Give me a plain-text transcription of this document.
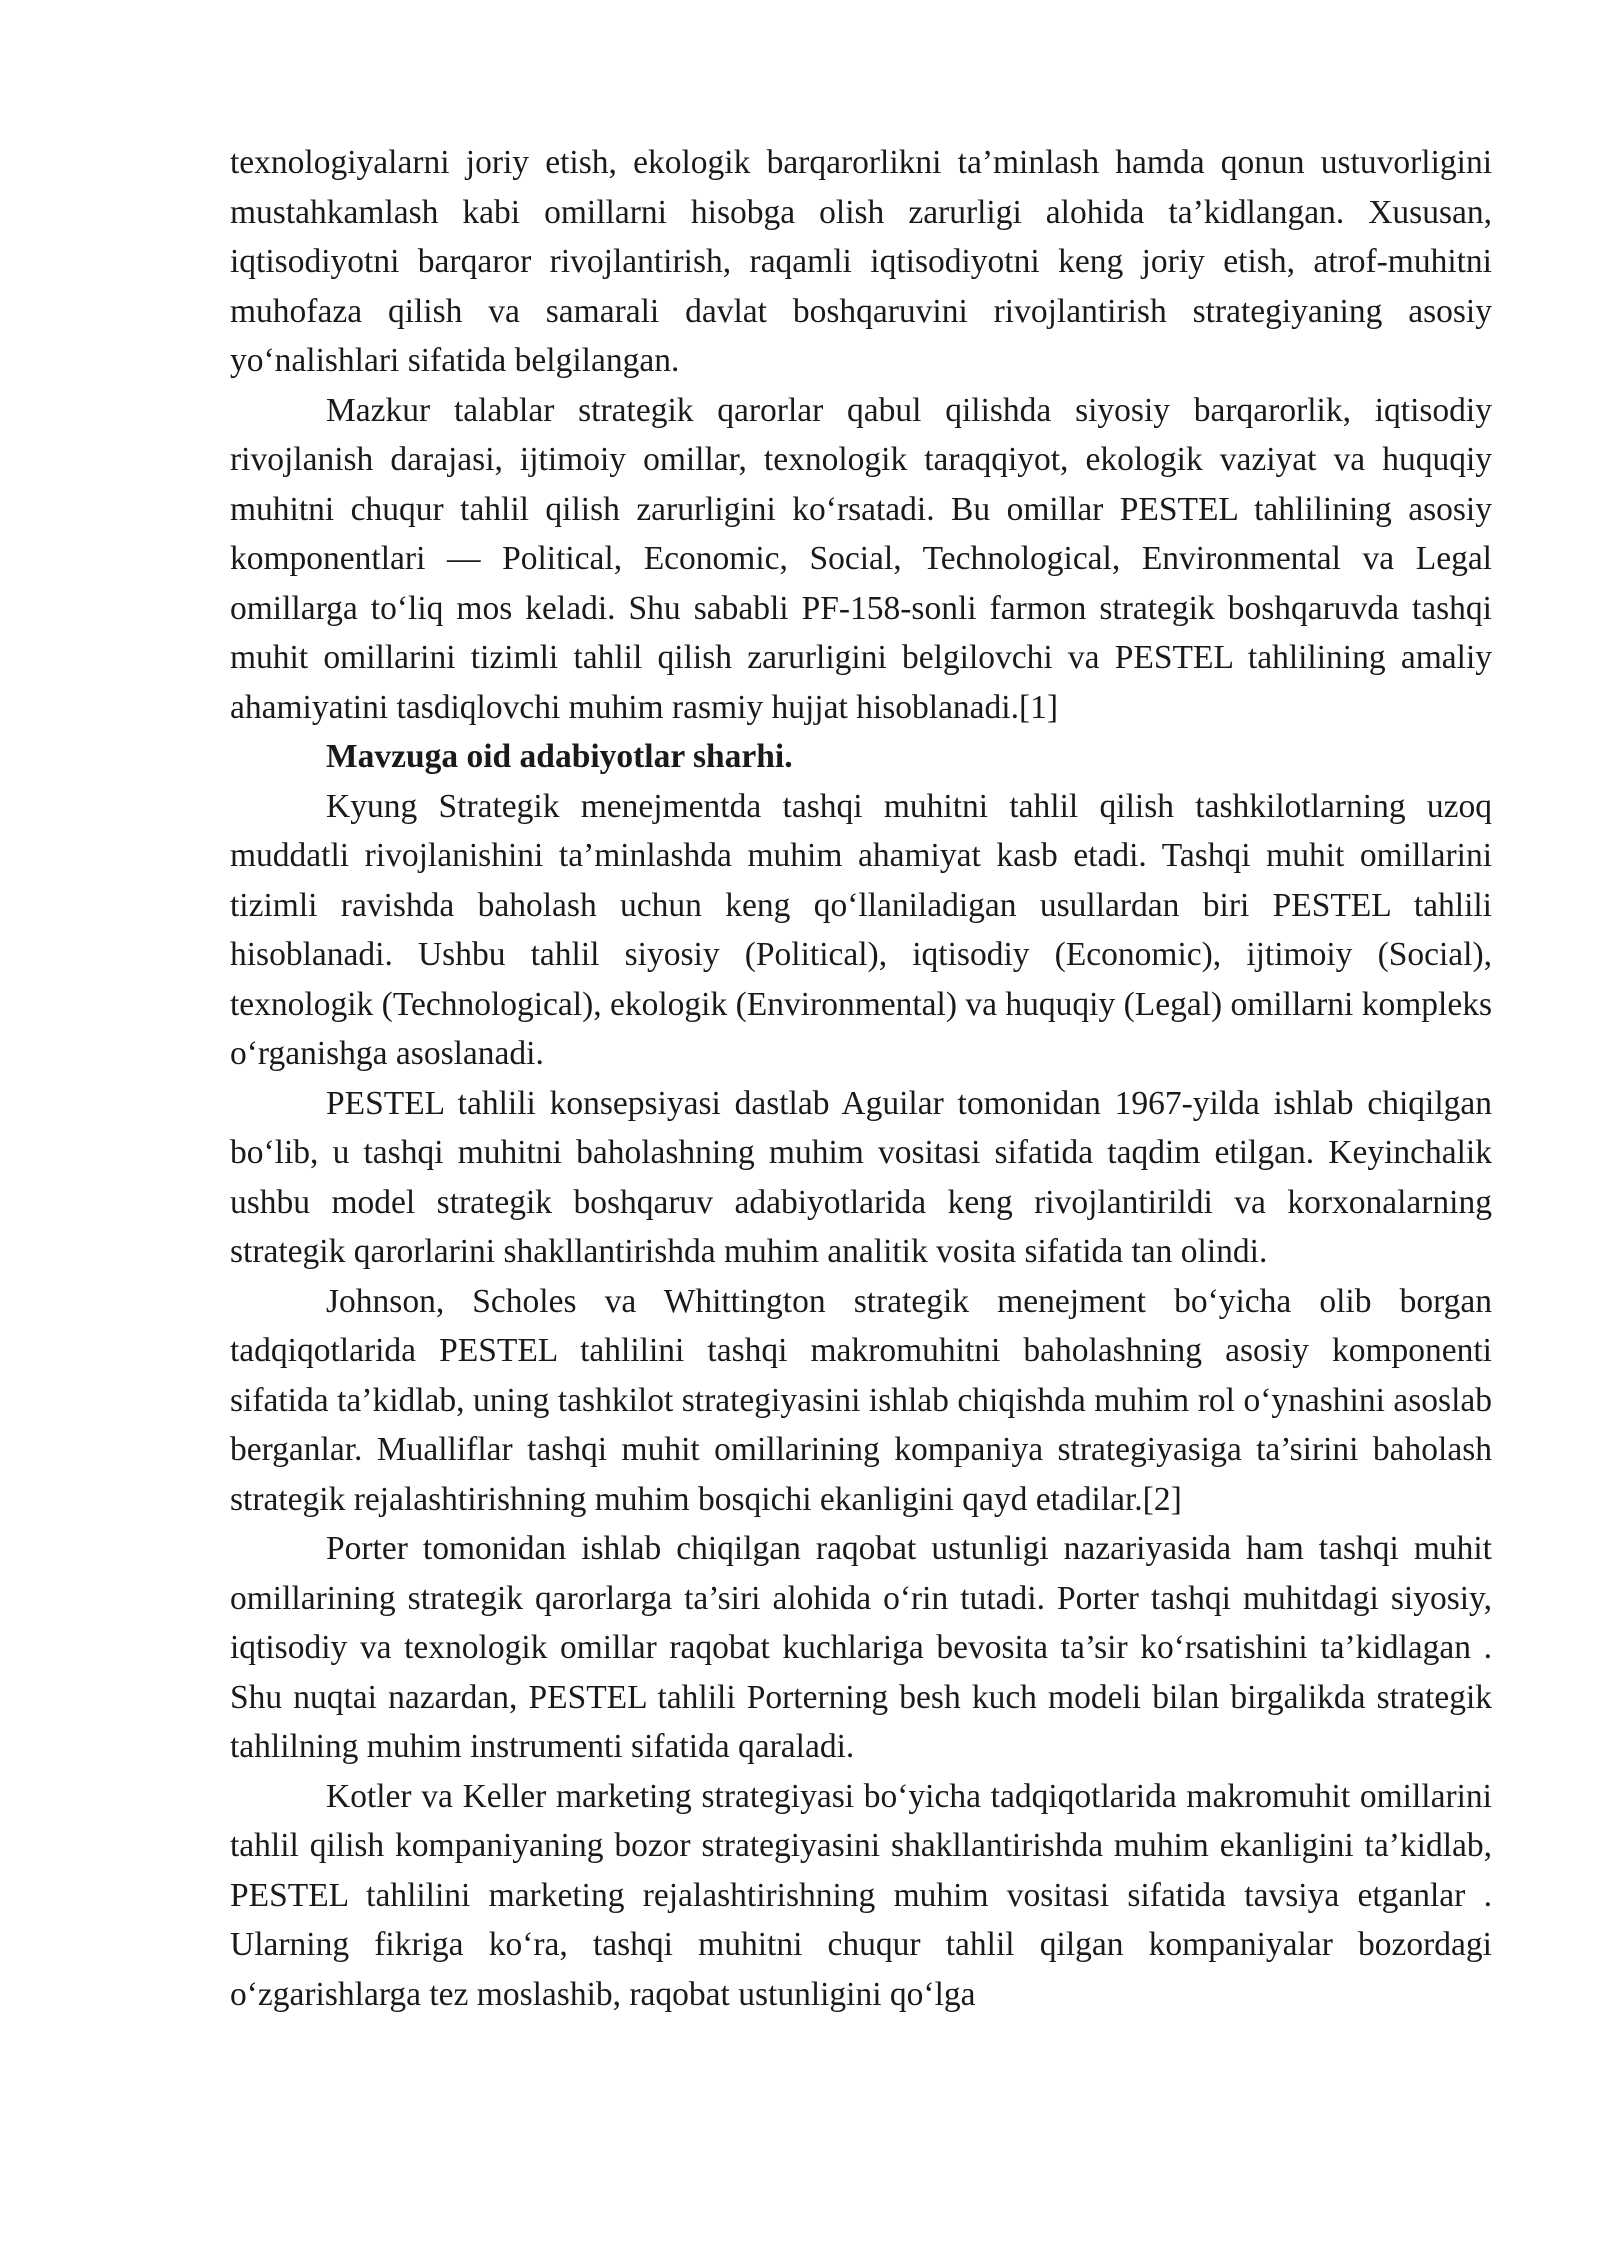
texnologiyalarni joriy etish, ekologik barqarorlikni ta’minlash hamda qonun ustuvorligini mustahkamlash kabi omillarni hisobga olish zarurligi alohida ta’kidlangan. Xususan, iqtisodiyotni barqaror rivojlantirish, raqamli iqtisodiyotni keng joriy etish, atrof-muhitni muhofaza qilish va samarali davlat boshqaruvini rivojlantirish strategiyaning asosiy yo‘nalishlari sifatida belgilangan.

Mazkur talablar strategik qarorlar qabul qilishda siyosiy barqarorlik, iqtisodiy rivojlanish darajasi, ijtimoiy omillar, texnologik taraqqiyot, ekologik vaziyat va huquqiy muhitni chuqur tahlil qilish zarurligini ko‘rsatadi. Bu omillar PESTEL tahlilining asosiy komponentlari — Political, Economic, Social, Technological, Environmental va Legal omillarga to‘liq mos keladi. Shu sababli PF-158-sonli farmon strategik boshqaruvda tashqi muhit omillarini tizimli tahlil qilish zarurligini belgilovchi va PESTEL tahlilining amaliy ahamiyatini tasdiqlovchi muhim rasmiy hujjat hisoblanadi.[1]

Mavzuga oid adabiyotlar sharhi.

Kyung Strategik menejmentda tashqi muhitni tahlil qilish tashkilotlarning uzoq muddatli rivojlanishini ta’minlashda muhim ahamiyat kasb etadi. Tashqi muhit omillarini tizimli ravishda baholash uchun keng qo‘llaniladigan usullardan biri PESTEL tahlili hisoblanadi. Ushbu tahlil siyosiy (Political), iqtisodiy (Economic), ijtimoiy (Social), texnologik (Technological), ekologik (Environmental) va huquqiy (Legal) omillarni kompleks o‘rganishga asoslanadi.

PESTEL tahlili konsepsiyasi dastlab Aguilar tomonidan 1967-yilda ishlab chiqilgan bo‘lib, u tashqi muhitni baholashning muhim vositasi sifatida taqdim etilgan. Keyinchalik ushbu model strategik boshqaruv adabiyotlarida keng rivojlantirildi va korxonalarning strategik qarorlarini shakllantirishda muhim analitik vosita sifatida tan olindi.

Johnson, Scholes va Whittington strategik menejment bo‘yicha olib borgan tadqiqotlarida PESTEL tahlilini tashqi makromuhitni baholashning asosiy komponenti sifatida ta’kidlab, uning tashkilot strategiyasini ishlab chiqishda muhim rol o‘ynashini asoslab berganlar. Mualliflar tashqi muhit omillarining kompaniya strategiyasiga ta’sirini baholash strategik rejalashtirishning muhim bosqichi ekanligini qayd etadilar.[2]

Porter tomonidan ishlab chiqilgan raqobat ustunligi nazariyasida ham tashqi muhit omillarining strategik qarorlarga ta’siri alohida o‘rin tutadi. Porter tashqi muhitdagi siyosiy, iqtisodiy va texnologik omillar raqobat kuchlariga bevosita ta’sir ko‘rsatishini ta’kidlagan . Shu nuqtai nazardan, PESTEL tahlili Porterning besh kuch modeli bilan birgalikda strategik tahlilning muhim instrumenti sifatida qaraladi.

Kotler va Keller marketing strategiyasi bo‘yicha tadqiqotlarida makromuhit omillarini tahlil qilish kompaniyaning bozor strategiyasini shakllantirishda muhim ekanligini ta’kidlab, PESTEL tahlilini marketing rejalashtirishning muhim vositasi sifatida tavsiya etganlar . Ularning fikriga ko‘ra, tashqi muhitni chuqur tahlil qilgan kompaniyalar bozordagi o‘zgarishlarga tez moslashib, raqobat ustunligini qo‘lga
